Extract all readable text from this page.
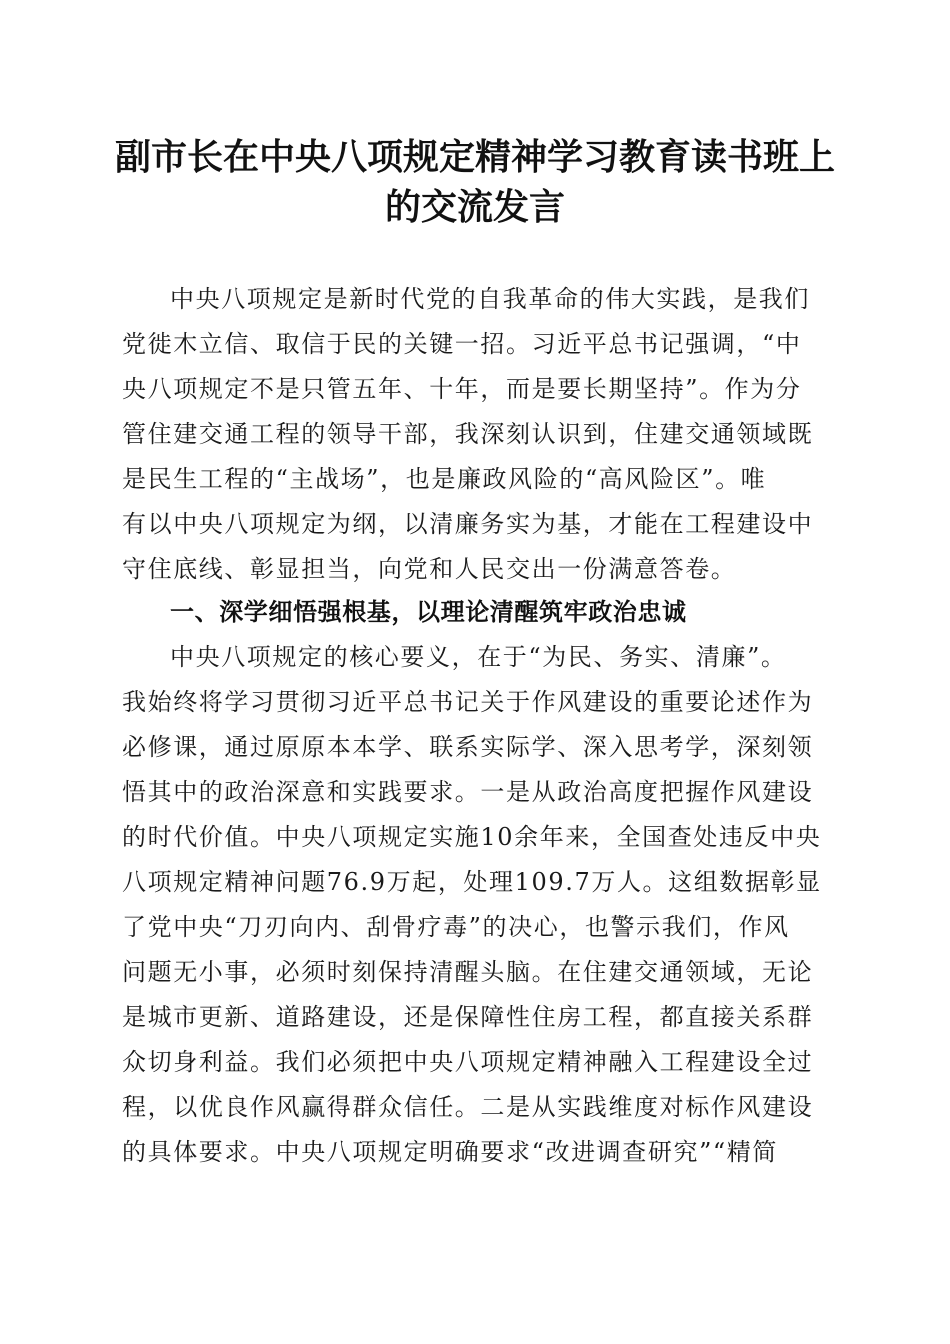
副市长在中央八项规定精神学习教育读书班上的交流发言
中央八项规定是新时代党的自我革命的伟大实践，是我们
党徙木立信、取信于民的关键一招。习近平总书记强调，“中
央八项规定不是只管五年、十年，而是要长期坚持”。作为分
管住建交通工程的领导干部，我深刻认识到，住建交通领域既
是民生工程的“主战场”，也是廉政风险的“高风险区”。唯
有以中央八项规定为纲，以清廉务实为基，才能在工程建设中
守住底线、彰显担当，向党和人民交出一份满意答卷。
一、深学细悟强根基，以理论清醒筑牢政治忠诚
中央八项规定的核心要义，在于“为民、务实、清廉”。
我始终将学习贯彻习近平总书记关于作风建设的重要论述作为
必修课，通过原原本本学、联系实际学、深入思考学，深刻领
悟其中的政治深意和实践要求。一是从政治高度把握作风建设
的时代价值。中央八项规定实施10余年来，全国查处违反中央
八项规定精神问题76.9万起，处理109.7万人。这组数据彰显
了党中央“刀刃向内、刮骨疗毒”的决心，也警示我们，作风
问题无小事，必须时刻保持清醒头脑。在住建交通领域，无论
是城市更新、道路建设，还是保障性住房工程，都直接关系群
众切身利益。我们必须把中央八项规定精神融入工程建设全过
程，以优良作风赢得群众信任。二是从实践维度对标作风建设
的具体要求。中央八项规定明确要求“改进调查研究”“精简
